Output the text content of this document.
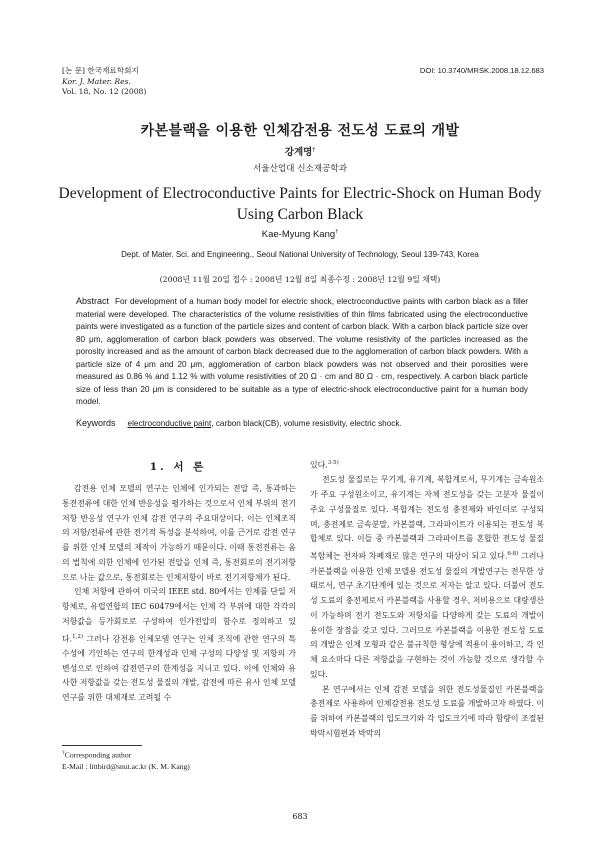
[논 문] 한국재료학회지
Kor. J. Mater. Res.
Vol. 18, No. 12 (2008)
DOI: 10.3740/MRSK.2008.18.12.683
카본블랙을 이용한 인체감전용 전도성 도료의 개발
강계명†
서울산업대 신소재공학과
Development of Electroconductive Paints for Electric-Shock on Human Body Using Carbon Black
Kae-Myung Kang†
Dept. of Mater. Sci. and Engineering., Seoul National University of Technology, Seoul 139-743, Korea
(2008년 11월 20일 접수 : 2008년 12월 8일 최종수정 : 2008년 12월 9일 채택)
Abstract For development of a human body model for electric shock, electroconductive paints with carbon black as a filler material were developed. The characteristics of the volume resistivities of thin films fabricated using the electroconductive paints were investigated as a function of the particle sizes and content of carbon black. With a carbon black particle size over 80 μm, agglomeration of carbon black powders was observed. The volume resistivity of the particles increased as the porosity increased and as the amount of carbon black decreased due to the agglomeration of carbon black powders. With a particle size of 4 μm and 20 μm, agglomeration of carbon black powders was not observed and their porosities were measured as 0.86 % and 1.12 % with volume resistivities of 20 Ω · cm and 80 Ω · cm, respectively. A carbon black particle size of less than 20 μm is considered to be suitable as a type of electric-shock electroconductive paint for a human body model.
Keywords electroconductive paint, carbon black(CB), volume resistivity, electric shock.
1. 서 론

감전용 인체 모델의 연구는 인체에 인가되는 전압 즉, 통과하는 통전전류에 대한 인체 반응성을 평가하는 것으로서 인체 부위의 전기저항 반응성 연구가 인체 감전 연구의 주요대상이다. 이는 인체조직의 저항/전류에 관한 전기적 특성을 분석하여, 이를 근거로 감전 연구를 위한 인체 모델의 제작이 가능하기 때문이다. 이때 통전전류는 옴의 법칙에 의한 인체에 인가된 전압을 인체 즉, 통전회로의 전기저항으로 나눈 값으로, 통전회로는 인체저항이 바로 전기저항체가 된다.

인체 저항에 관하여 미국의 IEEE std. 80에서는 인체를 단일 저항체로, 유럽연합의 IEC 60479에서는 인체 각 부위에 대한 각각의 저항값을 등가회로로 구성하여 인가전압의 함수로 정의하고 있다.$^{1,2)}$ 그러나 감전용 인체모델 연구는 인체 조직에 관한 연구의 특수성에 기인하는 연구의 한계성과 인체 구성의 다양성 및 저항의 가변성으로 인하여 감전연구의 한계성을 지니고 있다. 이에 인체와 유사한 저항값을 갖는 전도성 물질의 개발, 감전에 따른 유사 인체 모델 연구를 위한 대체재로 고려될 수

있다.$^{3-5)}$

전도성 물질로는 무기계, 유기계, 복합계로서, 무기계는 금속원소가 주요 구성원소이고, 유기계는 자체 전도성을 갖는 고분자 물질이 주요 구성물질로 있다. 복합계는 전도성 충전제와 바인더로 구성되며, 충전제로 금속분말, 카본블랙, 그라파이트가 이용되는 전도성 복합체로 있다. 이들 중 카본블랙과 그라파이트를 혼합한 전도성 물질 복합체는 전자파 차폐재로 많은 연구의 대상이 되고 있다.$^{6-8)}$ 그러나 카본블랙을 이용한 인체 모델용 전도성 물질의 개발연구는 전무한 상태로서, 연구 초기단계에 있는 것으로 저자는 알고 있다. 더불어 전도성 도료의 충전제로서 카본블랙을 사용할 경우, 저비용으로 대량생산이 가능하며 전기 전도도와 저항치를 다양하게 갖는 도료의 개발이 용이한 장점을 갖고 있다. 그러므로 카본블랙을 이용한 전도성 도료의 개발은 인체 모형과 같은 불규칙한 형상에 적용이 용이하고, 각 인체 요소마다 다른 저항값을 구현하는 것이 가능할 것으로 생각할 수 있다.

본 연구에서는 인체 감전 모델을 위한 전도성물질인 카본블랙을 충전제로 사용하여 인체감전용 전도성 도료를 개발하고자 하였다. 이를 위하여 카본블랙의 입도크기와 각 입도크기에 따라 함량이 조절된 박막시험편과 박막의

†Corresponding author
E-Mail : littbird@snut.ac.kr (K. M. Kang)
683
